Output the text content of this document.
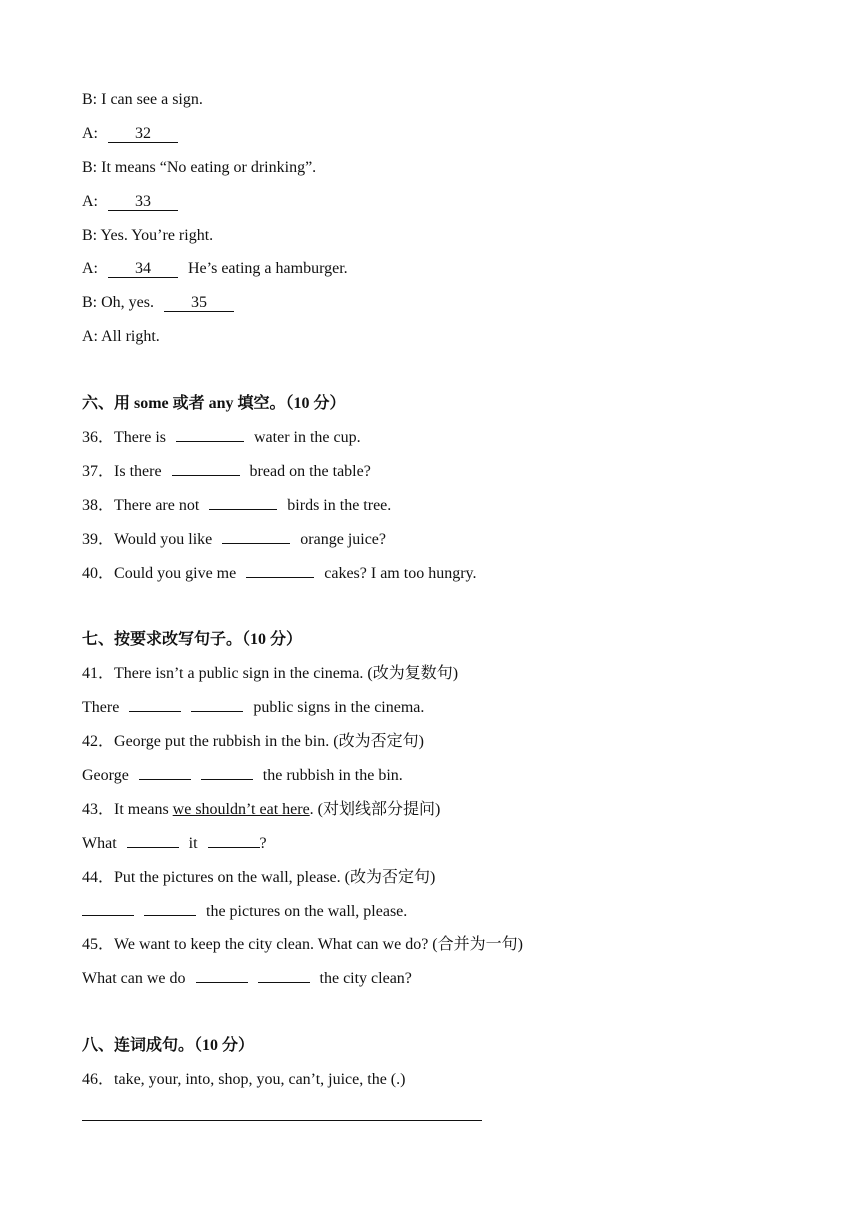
B: I can see a sign.
A: 32
B: It means “No eating or drinking”.
A: 33
B: Yes. You’re right.
A: 34 He’s eating a hamburger.
B: Oh, yes. 35
A: All right.
六、用 some 或者 any 填空。（10 分）
36．There is	water in the cup.
37．Is there	bread on the table?
38．There are not	birds in the tree.
39．Would you like	orange juice?
40．Could you give me	cakes? I am too hungry.
七、按要求改写句子。（10 分）
41．There isn’t a public sign in the cinema. (改为复数句)
There	public signs in the cinema.
42．George put the rubbish in the bin. (改为否定句)
George	the rubbish in the bin.
43．It means we shouldn’t eat here. (对划线部分提问)
What	it	?
44．Put the pictures on the wall, please. (改为否定句)
the pictures on the wall, please.
45．We want to keep the city clean. What can we do? (合并为一句)
What can we do	the city clean?
八、连词成句。（10 分）
46．take, your, into, shop, you, can’t, juice, the (.)
